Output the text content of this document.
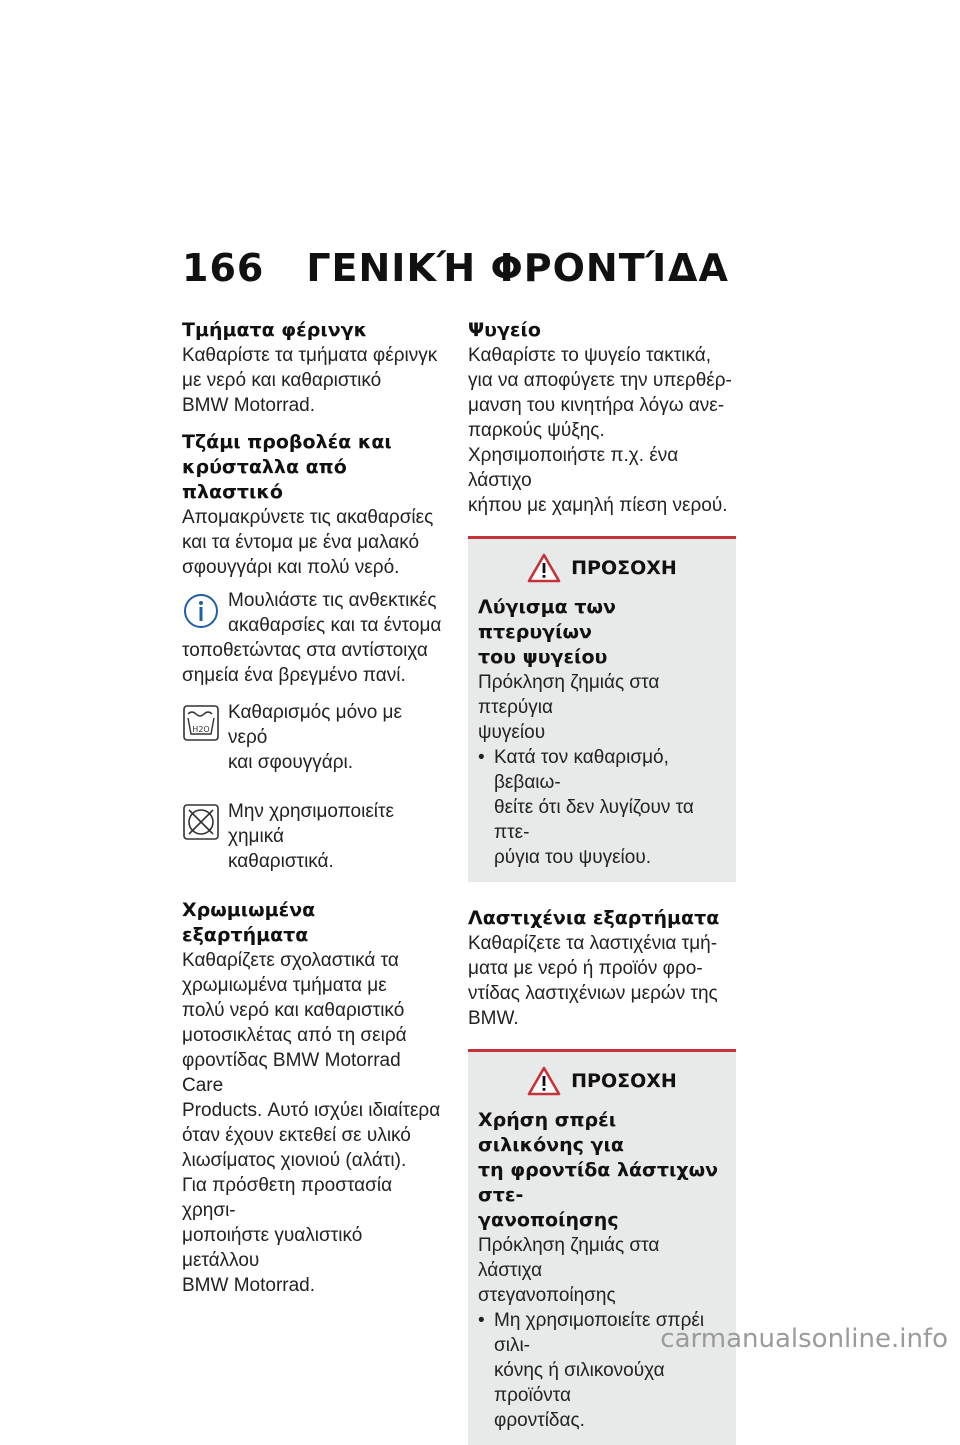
166 ΓΕΝΙΚΉ ΦΡΟΝΤΊΔΑ

Τμήματα φέρινγκ

Καθαρίστε τα τμήματα φέρινγκ

με νερό και καθαριστικό

BMW Motorrad.

Τζάμι προβολέα και

κρύσταλλα από πλαστικό

Απομακρύνετε τις ακαθαρσίες

και τα έντομα με ένα μαλακό

σφουγγάρι και πολύ νερό.

Μουλιάστε τις ανθεκτικές

ακαθαρσίες και τα έντομα

τοποθετώντας στα αντίστοιχα

σημεία ένα βρεγμένο πανί.

H2O

Καθαρισμός μόνο με νερό

και σφουγγάρι.

Μην χρησιμοποιείτε χημικά

καθαριστικά.

Χρωμιωμένα εξαρτήματα

Καθαρίζετε σχολαστικά τα

χρωμιωμένα τμήματα με

πολύ νερό και καθαριστικό

μοτοσικλέτας από τη σειρά

φροντίδας BMW Motorrad Care

Products. Αυτό ισχύει ιδιαίτερα

όταν έχουν εκτεθεί σε υλικό

λιωσίματος χιονιού (αλάτι).

Για πρόσθετη προστασία χρησι-

μοποιήστε γυαλιστικό μετάλλου

BMW Motorrad.

Ψυγείο

Καθαρίστε το ψυγείο τακτικά,

για να αποφύγετε την υπερθέρ-

μανση του κινητήρα λόγω ανε-

παρκούς ψύξης.

Χρησιμοποιήστε π.χ. ένα λάστιχο

κήπου με χαμηλή πίεση νερού.

ΠΡΟΣΟΧΗ

Λύγισμα των πτερυγίων

του ψυγείου

Πρόκληση ζημιάς στα πτερύγια

ψυγείου

• Κατά τον καθαρισμό, βεβαιω-
θείτε ότι δεν λυγίζουν τα πτε-
ρύγια του ψυγείου.

Λαστιχένια εξαρτήματα

Καθαρίζετε τα λαστιχένια τμή-

ματα με νερό ή προϊόν φρο-

ντίδας λαστιχένιων μερών της

BMW.

ΠΡΟΣΟΧΗ

Χρήση σπρέι σιλικόνης για

τη φροντίδα λάστιχων στε-

γανοποίησης

Πρόκληση ζημιάς στα λάστιχα

στεγανοποίησης

• Μη χρησιμοποιείτε σπρέι σιλι-
κόνης ή σιλικονούχα προϊόντα
φροντίδας.
carmanualsonline.info
